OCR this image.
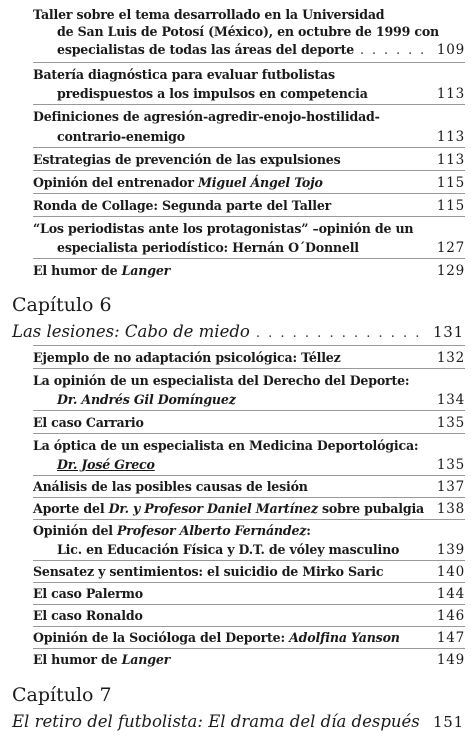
Taller sobre el tema desarrollado en la Universidad
de San Luis de Potosí (México), en octubre de 1999 con
especialistas de todas las áreas del deporte . . .	109
Batería diagnóstica para evaluar futbolistas
predispuestos a los impulsos en competencia	113
Definiciones de agresión-agredir-enojo-hostilidad-
contrario-enemigo	113
Estrategias de prevención de las expulsiones	113
Opinión del entrenador Miguel Ángel Tojo	115
Ronda de Collage: Segunda parte del Taller	115
“Los periodistas ante los protagonistas” –opinión de un
especialista periodístico: Hernán O´Donnell	127
El humor de Langer	129
Capítulo 6
Las lesiones: Cabo de miedo . . .	131
Ejemplo de no adaptación psicológica: Téllez	132
La opinión de un especialista del Derecho del Deporte:
Dr. Andrés Gil Domínguez	134
El caso Carrario	135
La óptica de un especialista en Medicina Deportológica:
Dr. José Greco	135
Análisis de las posibles causas de lesión	137
Aporte del Dr. y Profesor Daniel Martínez sobre pubalgia 138
Opinión del Profesor Alberto Fernández:
Lic. en Educación Física y D.T. de vóley masculino	139
Sensatez y sentimientos: el suicidio de Mirko Saric	140
El caso Palermo	144
El caso Ronaldo	146
Opinión de la Socióloga del Deporte: Adolfina Yanson	147
El humor de Langer	149
Capítulo 7
El retiro del futbolista: El drama del día después . . . 151
